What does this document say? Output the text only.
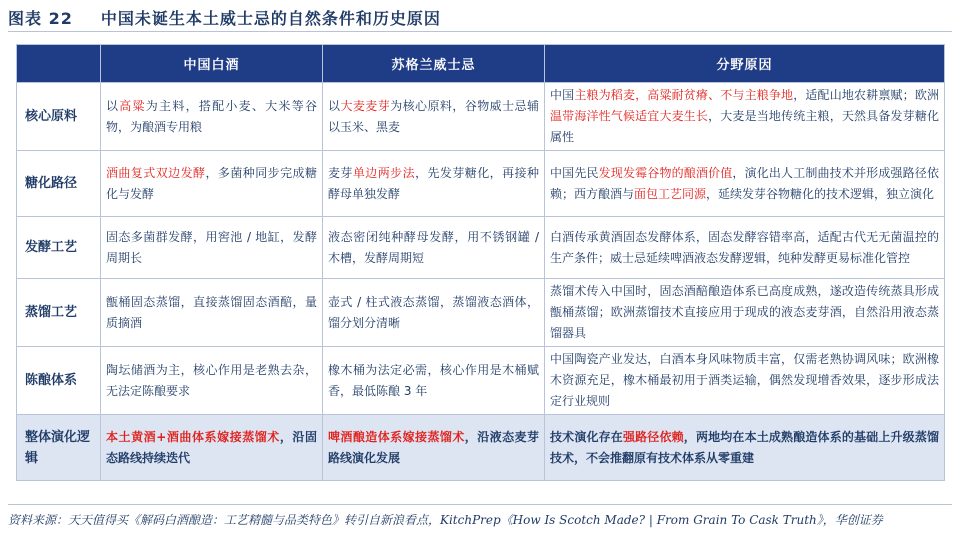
图表 22 中国未诞生本土威士忌的自然条件和历史原因
	中国白酒	苏格兰威士忌	分野原因
核心原料	以高粱为主料，搭配小麦、大米等谷物，为酿酒专用粮	以大麦麦芽为核心原料，谷物威士忌辅以玉米、黑麦	中国主粮为稻麦，高粱耐贫瘠、不与主粮争地，适配山地农耕禀赋；欧洲温带海洋性气候适宜大麦生长，大麦是当地传统主粮，天然具备发芽糖化属性
糖化路径	酒曲复式双边发酵，多菌种同步完成糖化与发酵	麦芽单边两步法，先发芽糖化，再接种酵母单独发酵	中国先民发现发霉谷物的酿酒价值，演化出人工制曲技术并形成强路径依赖；西方酿酒与面包工艺同源，延续发芽谷物糖化的技术逻辑，独立演化
发酵工艺	固态多菌群发酵，用窖池 / 地缸，发酵周期长	液态密闭纯种酵母发酵，用不锈钢罐 / 木槽，发酵周期短	白酒传承黄酒固态发酵体系，固态发酵容错率高，适配古代无无菌温控的生产条件；威士忌延续啤酒液态发酵逻辑，纯种发酵更易标准化管控
蒸馏工艺	甑桶固态蒸馏，直接蒸馏固态酒醅，量质摘酒	壶式 / 柱式液态蒸馏，蒸馏液态酒体，馏分划分清晰	蒸馏术传入中国时，固态酒醅酿造体系已高度成熟，遂改造传统蒸具形成甑桶蒸馏；欧洲蒸馏技术直接应用于现成的液态麦芽酒，自然沿用液态蒸馏器具
陈酿体系	陶坛储酒为主，核心作用是老熟去杂，无法定陈酿要求	橡木桶为法定必需，核心作用是木桶赋香，最低陈酿 3 年	中国陶瓷产业发达，白酒本身风味物质丰富，仅需老熟协调风味；欧洲橡木资源充足，橡木桶最初用于酒类运输，偶然发现增香效果，逐步形成法定行业规则
整体演化逻辑	本土黄酒+酒曲体系嫁接蒸馏术，沿固态路线持续迭代	啤酒酿造体系嫁接蒸馏术，沿液态麦芽路线演化发展	技术演化存在强路径依赖，两地均在本土成熟酿造体系的基础上升级蒸馏技术，不会推翻原有技术体系从零重建
资料来源：天天值得买《解码白酒酿造：工艺精髓与品类特色》转引自新浪看点，KitchPrep《How Is Scotch Made? | From Grain To Cask Truth》，华创证券
